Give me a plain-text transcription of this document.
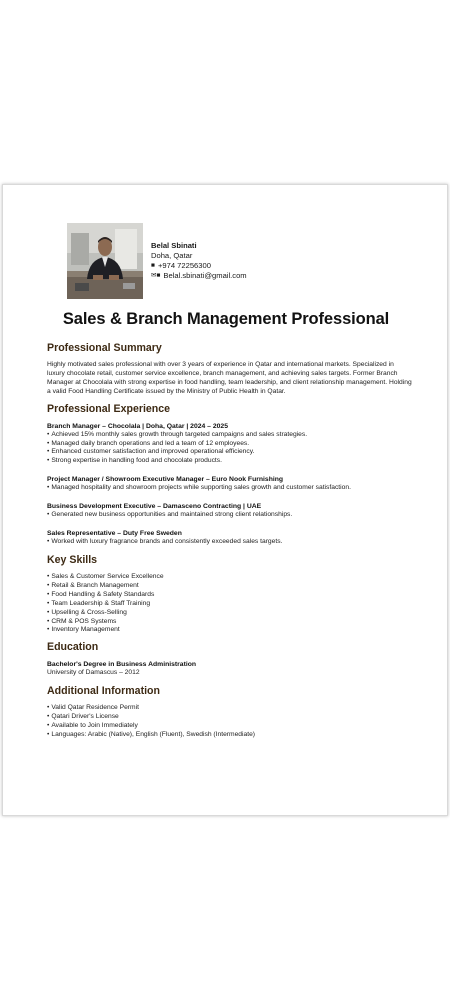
Belal Sbinati
Doha, Qatar
■ +974 72256300
✉■ Belal.sbinati@gmail.com
Sales & Branch Management Professional
Professional Summary

Highly motivated sales professional with over 3 years of experience in Qatar and international markets. Specialized in luxury chocolate retail, customer service excellence, branch management, and achieving sales targets. Former Branch Manager at Chocolala with strong expertise in food handling, team leadership, and client relationship management. Holding a valid Food Handling Certificate issued by the Ministry of Public Health in Qatar.

Professional Experience
Branch Manager – Chocolala | Doha, Qatar | 2024 – 2025
• Achieved 15% monthly sales growth through targeted campaigns and sales strategies.
• Managed daily branch operations and led a team of 12 employees.
• Enhanced customer satisfaction and improved operational efficiency.
• Strong expertise in handling food and chocolate products.
Project Manager / Showroom Executive Manager – Euro Nook Furnishing
• Managed hospitality and showroom projects while supporting sales growth and customer satisfaction.
Business Development Executive – Damasceno Contracting | UAE
• Generated new business opportunities and maintained strong client relationships.
Sales Representative – Duty Free Sweden
• Worked with luxury fragrance brands and consistently exceeded sales targets.
Key Skills
• Sales & Customer Service Excellence
• Retail & Branch Management
• Food Handling & Safety Standards
• Team Leadership & Staff Training
• Upselling & Cross-Selling
• CRM & POS Systems
• Inventory Management
Education
Bachelor's Degree in Business Administration
University of Damascus – 2012
Additional Information
• Valid Qatar Residence Permit
• Qatari Driver's License
• Available to Join Immediately
• Languages: Arabic (Native), English (Fluent), Swedish (Intermediate)
